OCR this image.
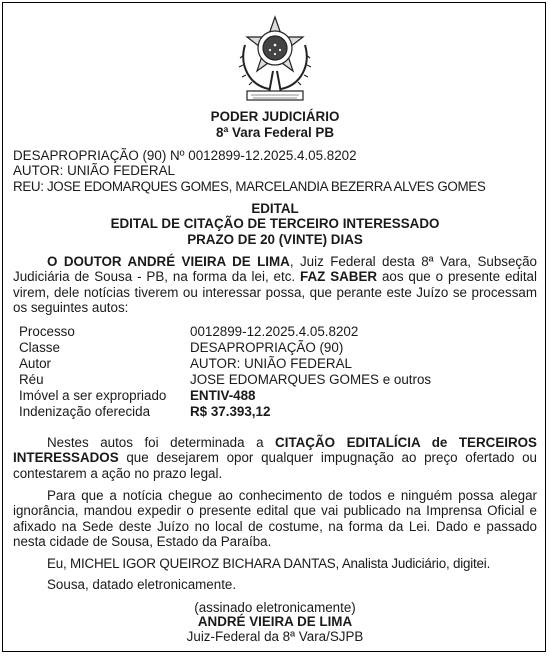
PODER JUDICIÁRIO
8ª Vara Federal PB
DESAPROPRIAÇÃO (90) Nº 0012899-12.2025.4.05.8202
AUTOR: UNIÃO FEDERAL
REU: JOSE EDOMARQUES GOMES, MARCELANDIA BEZERRA ALVES GOMES
EDITAL
EDITAL DE CITAÇÃO DE TERCEIRO INTERESSADO
PRAZO DE 20 (VINTE) DIAS
O DOUTOR ANDRÉ VIEIRA DE LIMA, Juiz Federal desta 8ª Vara, Subseção Judiciária de Sousa - PB, na forma da lei, etc. FAZ SABER aos que o presente edital virem, dele notícias tiverem ou interessar possa, que perante este Juízo se processam os seguintes autos:
Processo	0012899-12.2025.4.05.8202
Classe	DESAPROPRIAÇÃO (90)
Autor	AUTOR: UNIÃO FEDERAL
Réu	JOSE EDOMARQUES GOMES e outros
Imóvel a ser expropriado	ENTIV-488
Indenização oferecida	R$ 37.393,12
Nestes autos foi determinada a CITAÇÃO EDITALÍCIA de TERCEIROS INTERESSADOS que desejarem opor qualquer impugnação ao preço ofertado ou contestarem a ação no prazo legal.
Para que a notícia chegue ao conhecimento de todos e ninguém possa alegar ignorância, mandou expedir o presente edital que vai publicado na Imprensa Oficial e afixado na Sede deste Juízo no local de costume, na forma da Lei. Dado e passado nesta cidade de Sousa, Estado da Paraíba.
Eu, MICHEL IGOR QUEIROZ BICHARA DANTAS, Analista Judiciário, digitei.
Sousa, datado eletronicamente.
(assinado eletronicamente)
ANDRÉ VIEIRA DE LIMA
Juiz-Federal da 8ª Vara/SJPB
